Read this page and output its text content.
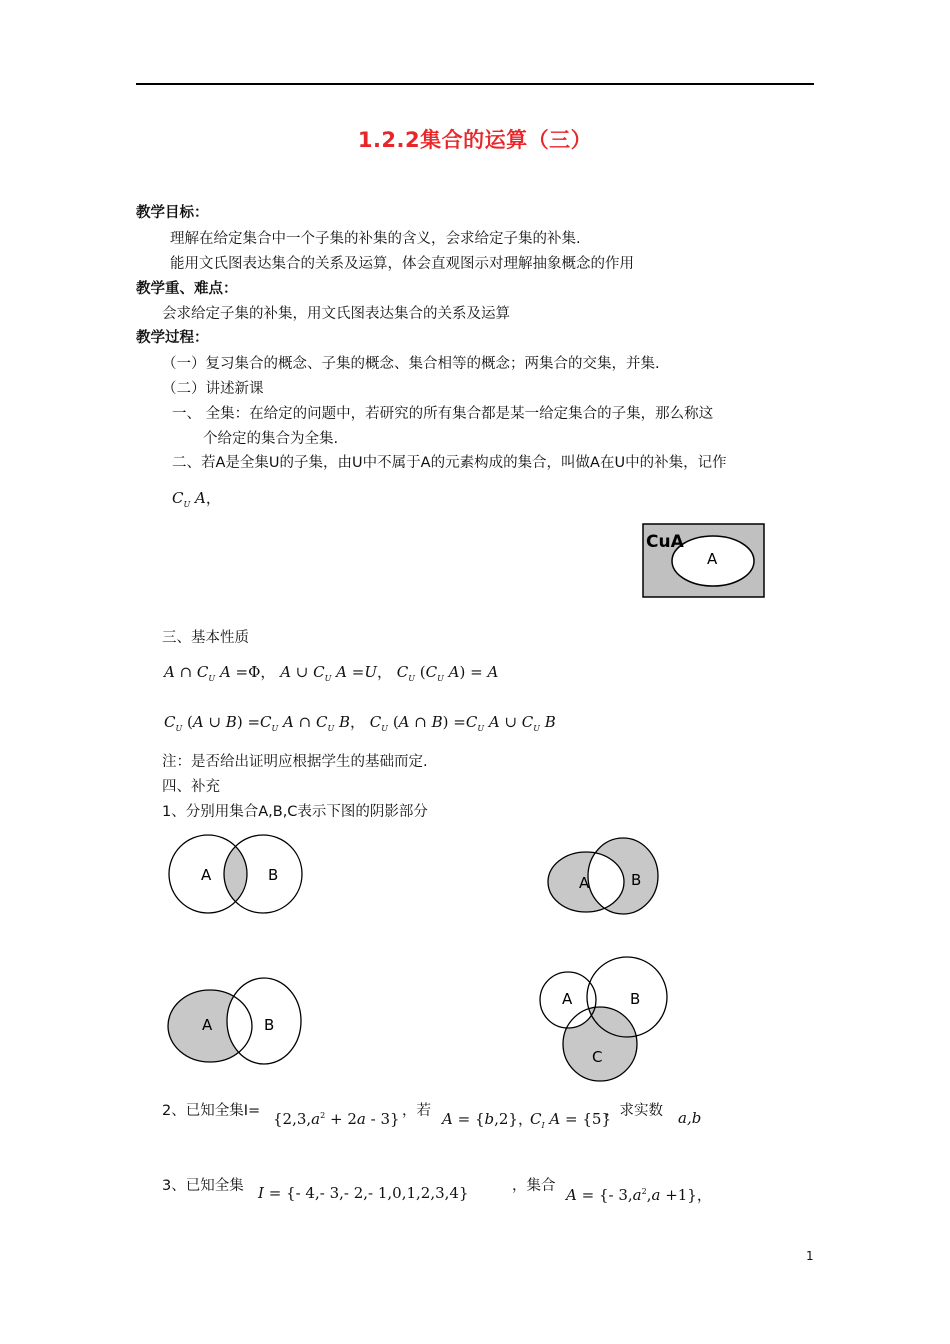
1.2.2集合的运算（三）
教学目标：
理解在给定集合中一个子集的补集的含义，会求给定子集的补集.
能用文氏图表达集合的关系及运算，体会直观图示对理解抽象概念的作用
教学重、难点：
会求给定子集的补集，用文氏图表达集合的关系及运算
教学过程：
（一）复习集合的概念、子集的概念、集合相等的概念；两集合的交集，并集.
（二）讲述新课
一、 全集：在给定的问题中，若研究的所有集合都是某一给定集合的子集，那么称这
个给定的集合为全集.
二、若A是全集U的子集，由U中不属于A的元素构成的集合，叫做A在U中的补集，记作
$C_U$ A，
CuA
A
三、基本性质
A ∩ $C_U$ A =Φ， A ∪ $C_U$ A =U， $C_U$ ($C_U$ A) = A
$C_U$ (A ∪ $B) =C_U$ A ∩ $C_U$ B， $C_U$ (A ∩ $B) =C_U$ A ∪ $C_U$ B
注：是否给出证明应根据学生的基础而定.
四、补充
1、分别用集合A,B,C表示下图的阴影部分
A	B	A	B
A	B
A	B
C
2、已知全集$I= \{2,3,a^2 + 2a - 3\}$ ，若 A = {b,2}，
$C_I$ A = {5}
，求实数 a,b
3、已知全集 I = {- 4,- 3,- 2,- 1,0,1,2,3,4}	，集合 A = {- $3,a^2,a +1$}，
1
